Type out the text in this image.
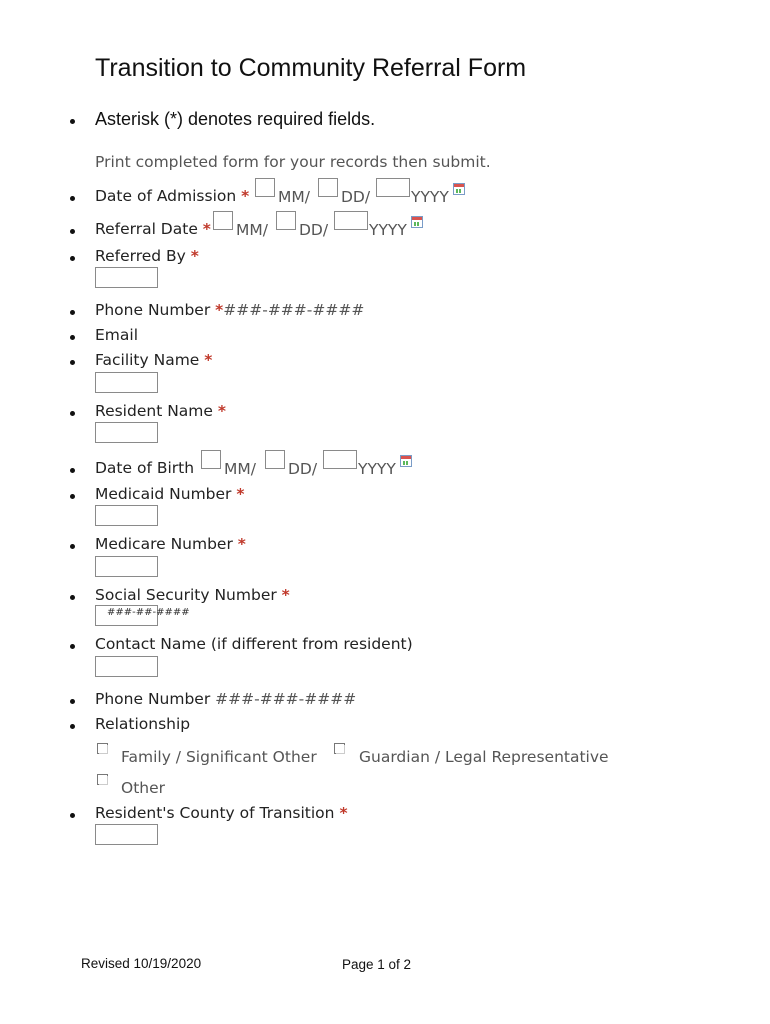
Transition to Community Referral Form
Asterisk (*) denotes required fields.
Print completed form for your records then submit.
Date of Admission * MM/ DD/	YYYY
Referral Date * MM/ DD/	YYYY
Referred By *
Phone Number *###-###-####
Email
Facility Name *
Resident Name *
Date of Birth MM/ DD/	YYYY
Medicaid Number *
Medicare Number *
Social Security Number *
###-##-####
Contact Name (if different from resident)
Phone Number ###-###-####
Relationship
Family / Significant Other	Guardian / Legal Representative
Other
Resident's County of Transition *
Revised 10/19/2020	Page 1 of 2
